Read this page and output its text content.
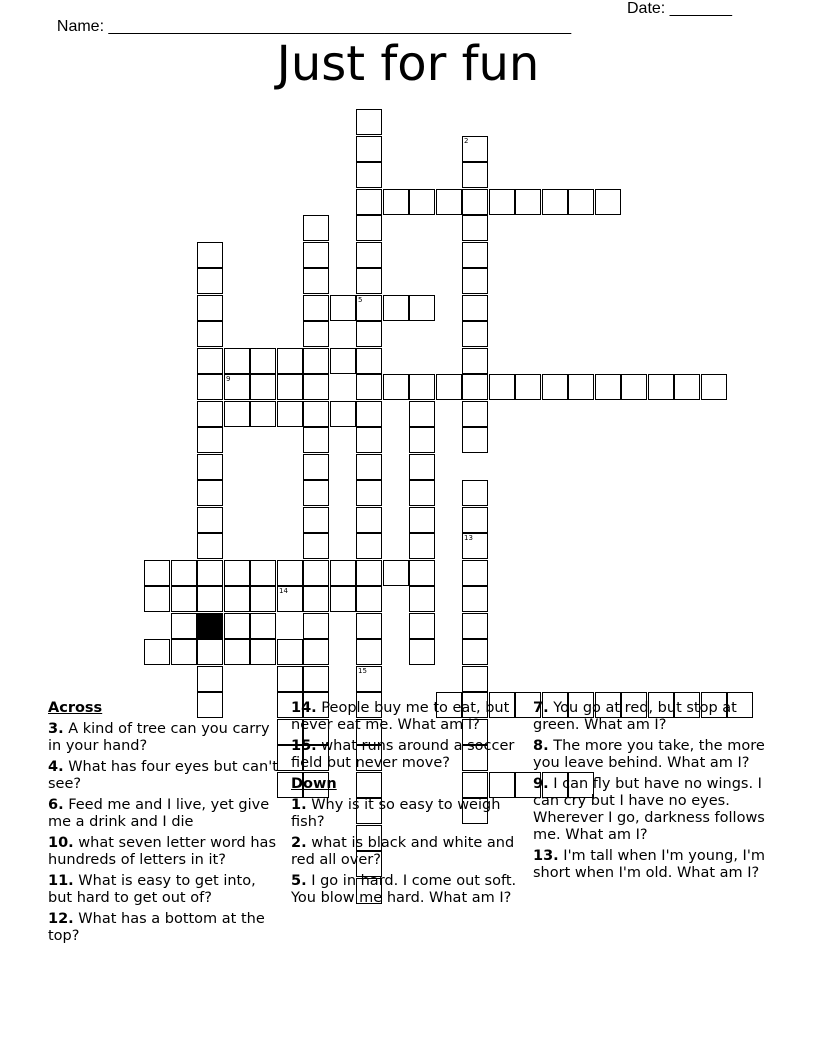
Name: ____________________________________________________

Date: _______

Just for fun
5
9
15
2
13
14
Across
3. A kind of tree can you carry in your hand?
4. What has four eyes but can't see?
6. Feed me and I live, yet give me a drink and I die
10. what seven letter word has hundreds of letters in it?
11. What is easy to get into, but hard to get out of?
12. What has a bottom at the top?
14. People buy me to eat, but never eat me. What am I?
15. what runs around a soccer field but never move?
Down
1. Why is it so easy to weigh fish?
2. what is black and white and red all over?
5. I go in hard. I come out soft. You blow me hard. What am I?
7. You go at red, but stop at green. What am I?
8. The more you take, the more you leave behind. What am I?
9. I can fly but have no wings. I can cry but I have no eyes. Wherever I go, darkness follows me. What am I?
13. I'm tall when I'm young, I'm short when I'm old. What am I?
